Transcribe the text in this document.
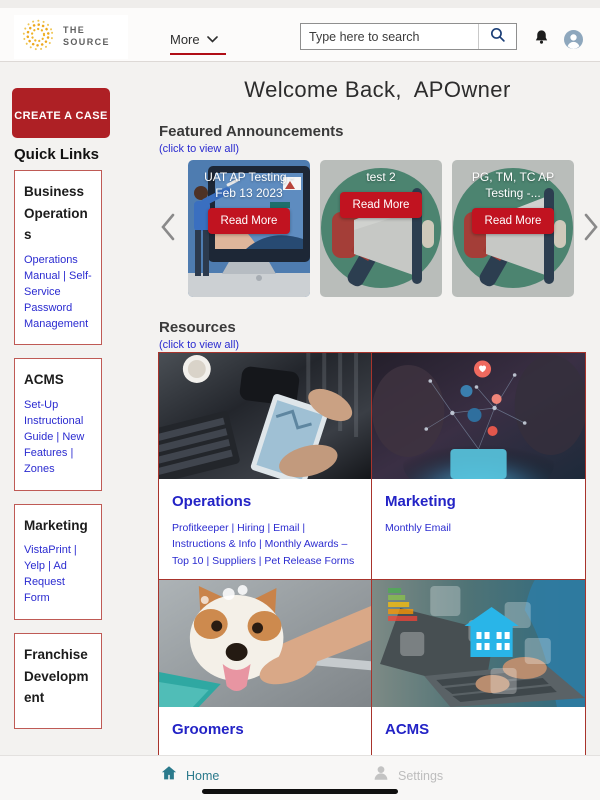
THE
SOURCE	More
Type here to search
CREATE A CASE
Quick Links
Business Operations
Operations Manual | Self-Service Password Management
ACMS
Set-Up Instructional Guide | New Features | Zones
Marketing
VistaPrint | Yelp | Ad Request Form
Franchise Development
Welcome Back,  APOwner
Featured Announcements
(click to view all)
UAT AP Testing - Feb 13 2023
Read More
test 2
Read More
PG, TM, TC AP Testing -...
Read More
Resources
(click to view all)
Operations
Profitkeeper | Hiring | Email | Instructions & Info | Monthly Awards – Top 10 | Suppliers | Pet Release Forms
Marketing
Monthly Email
Groomers	ACMS
Home	Settings
